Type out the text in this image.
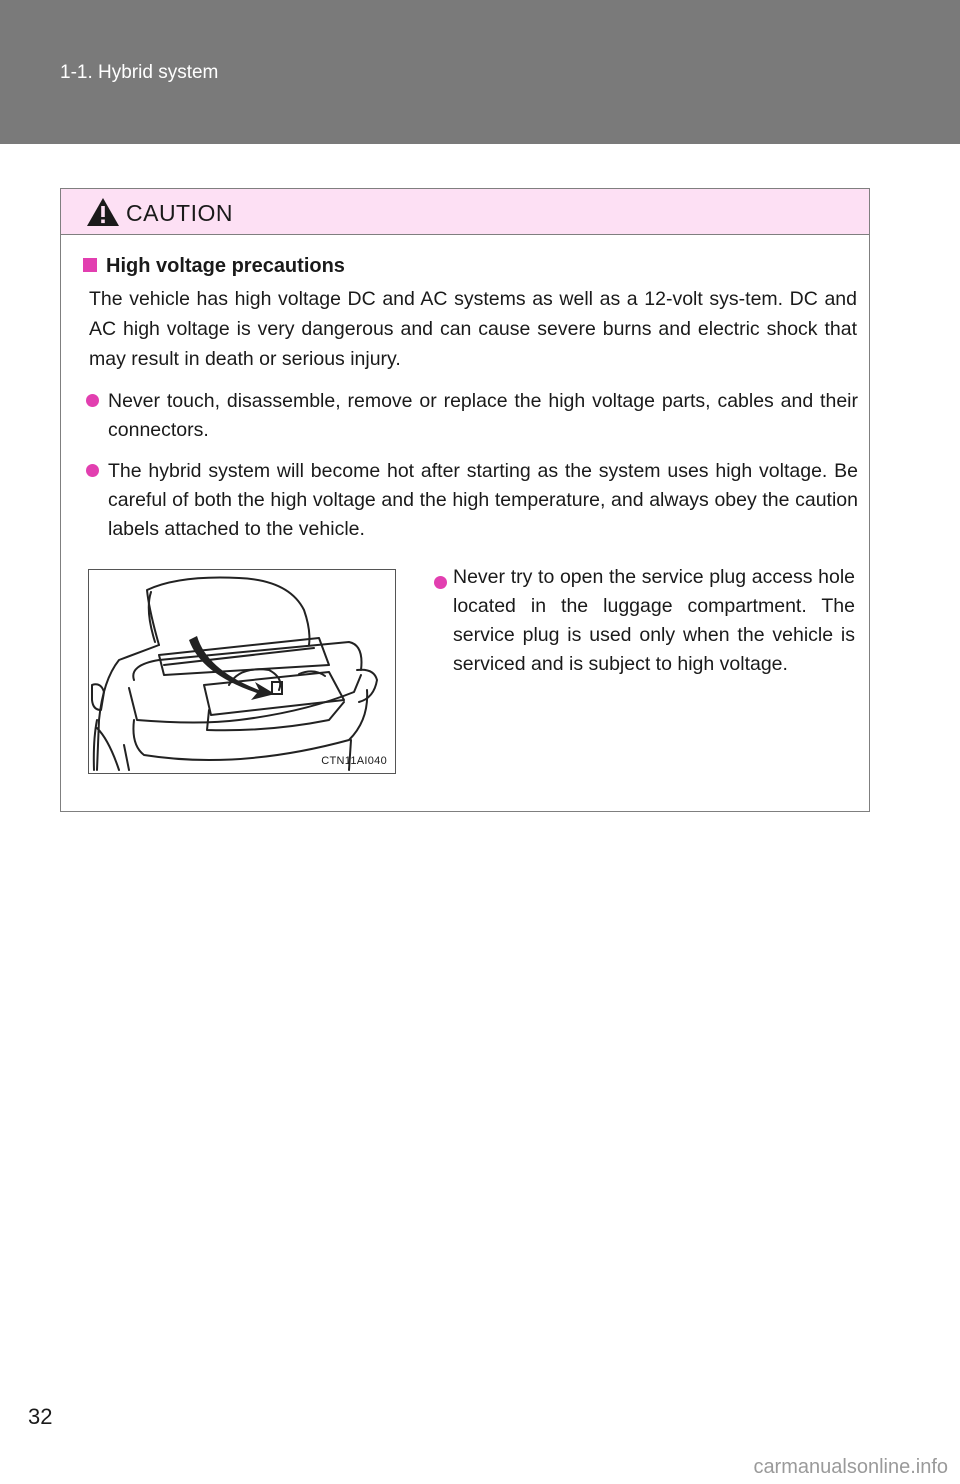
1-1. Hybrid system
CAUTION
High voltage precautions
The vehicle has high voltage DC and AC systems as well as a 12-volt sys-tem. DC and AC high voltage is very dangerous and can cause severe burns and electric shock that may result in death or serious injury.
Never touch, disassemble, remove or replace the high voltage parts, cables and their connectors.
The hybrid system will become hot after starting as the system uses high voltage. Be careful of both the high voltage and the high temperature, and always obey the caution labels attached to the vehicle.
CTN11AI040
Never try to open the service plug access hole located in the luggage compartment. The service plug is used only when the vehicle is serviced and is subject to high voltage.
32
carmanualsonline.info
